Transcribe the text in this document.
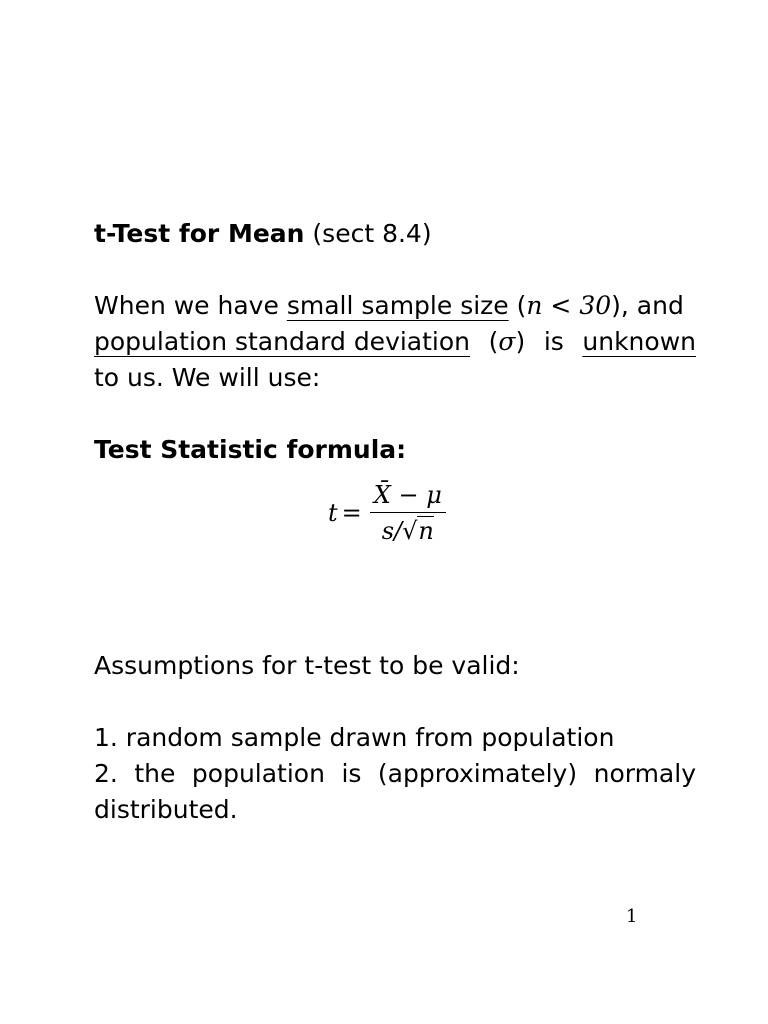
t-Test for Mean (sect 8.4)
When we have small sample size (n < 30), and
population standard deviation (σ) is unknown
to us. We will use:
Test Statistic formula:
$t = \frac{X̄ - \mu}{s/√n}$
Assumptions for t-test to be valid:
1. random sample drawn from population
2. the population is (approximately) normaly
distributed.
1
